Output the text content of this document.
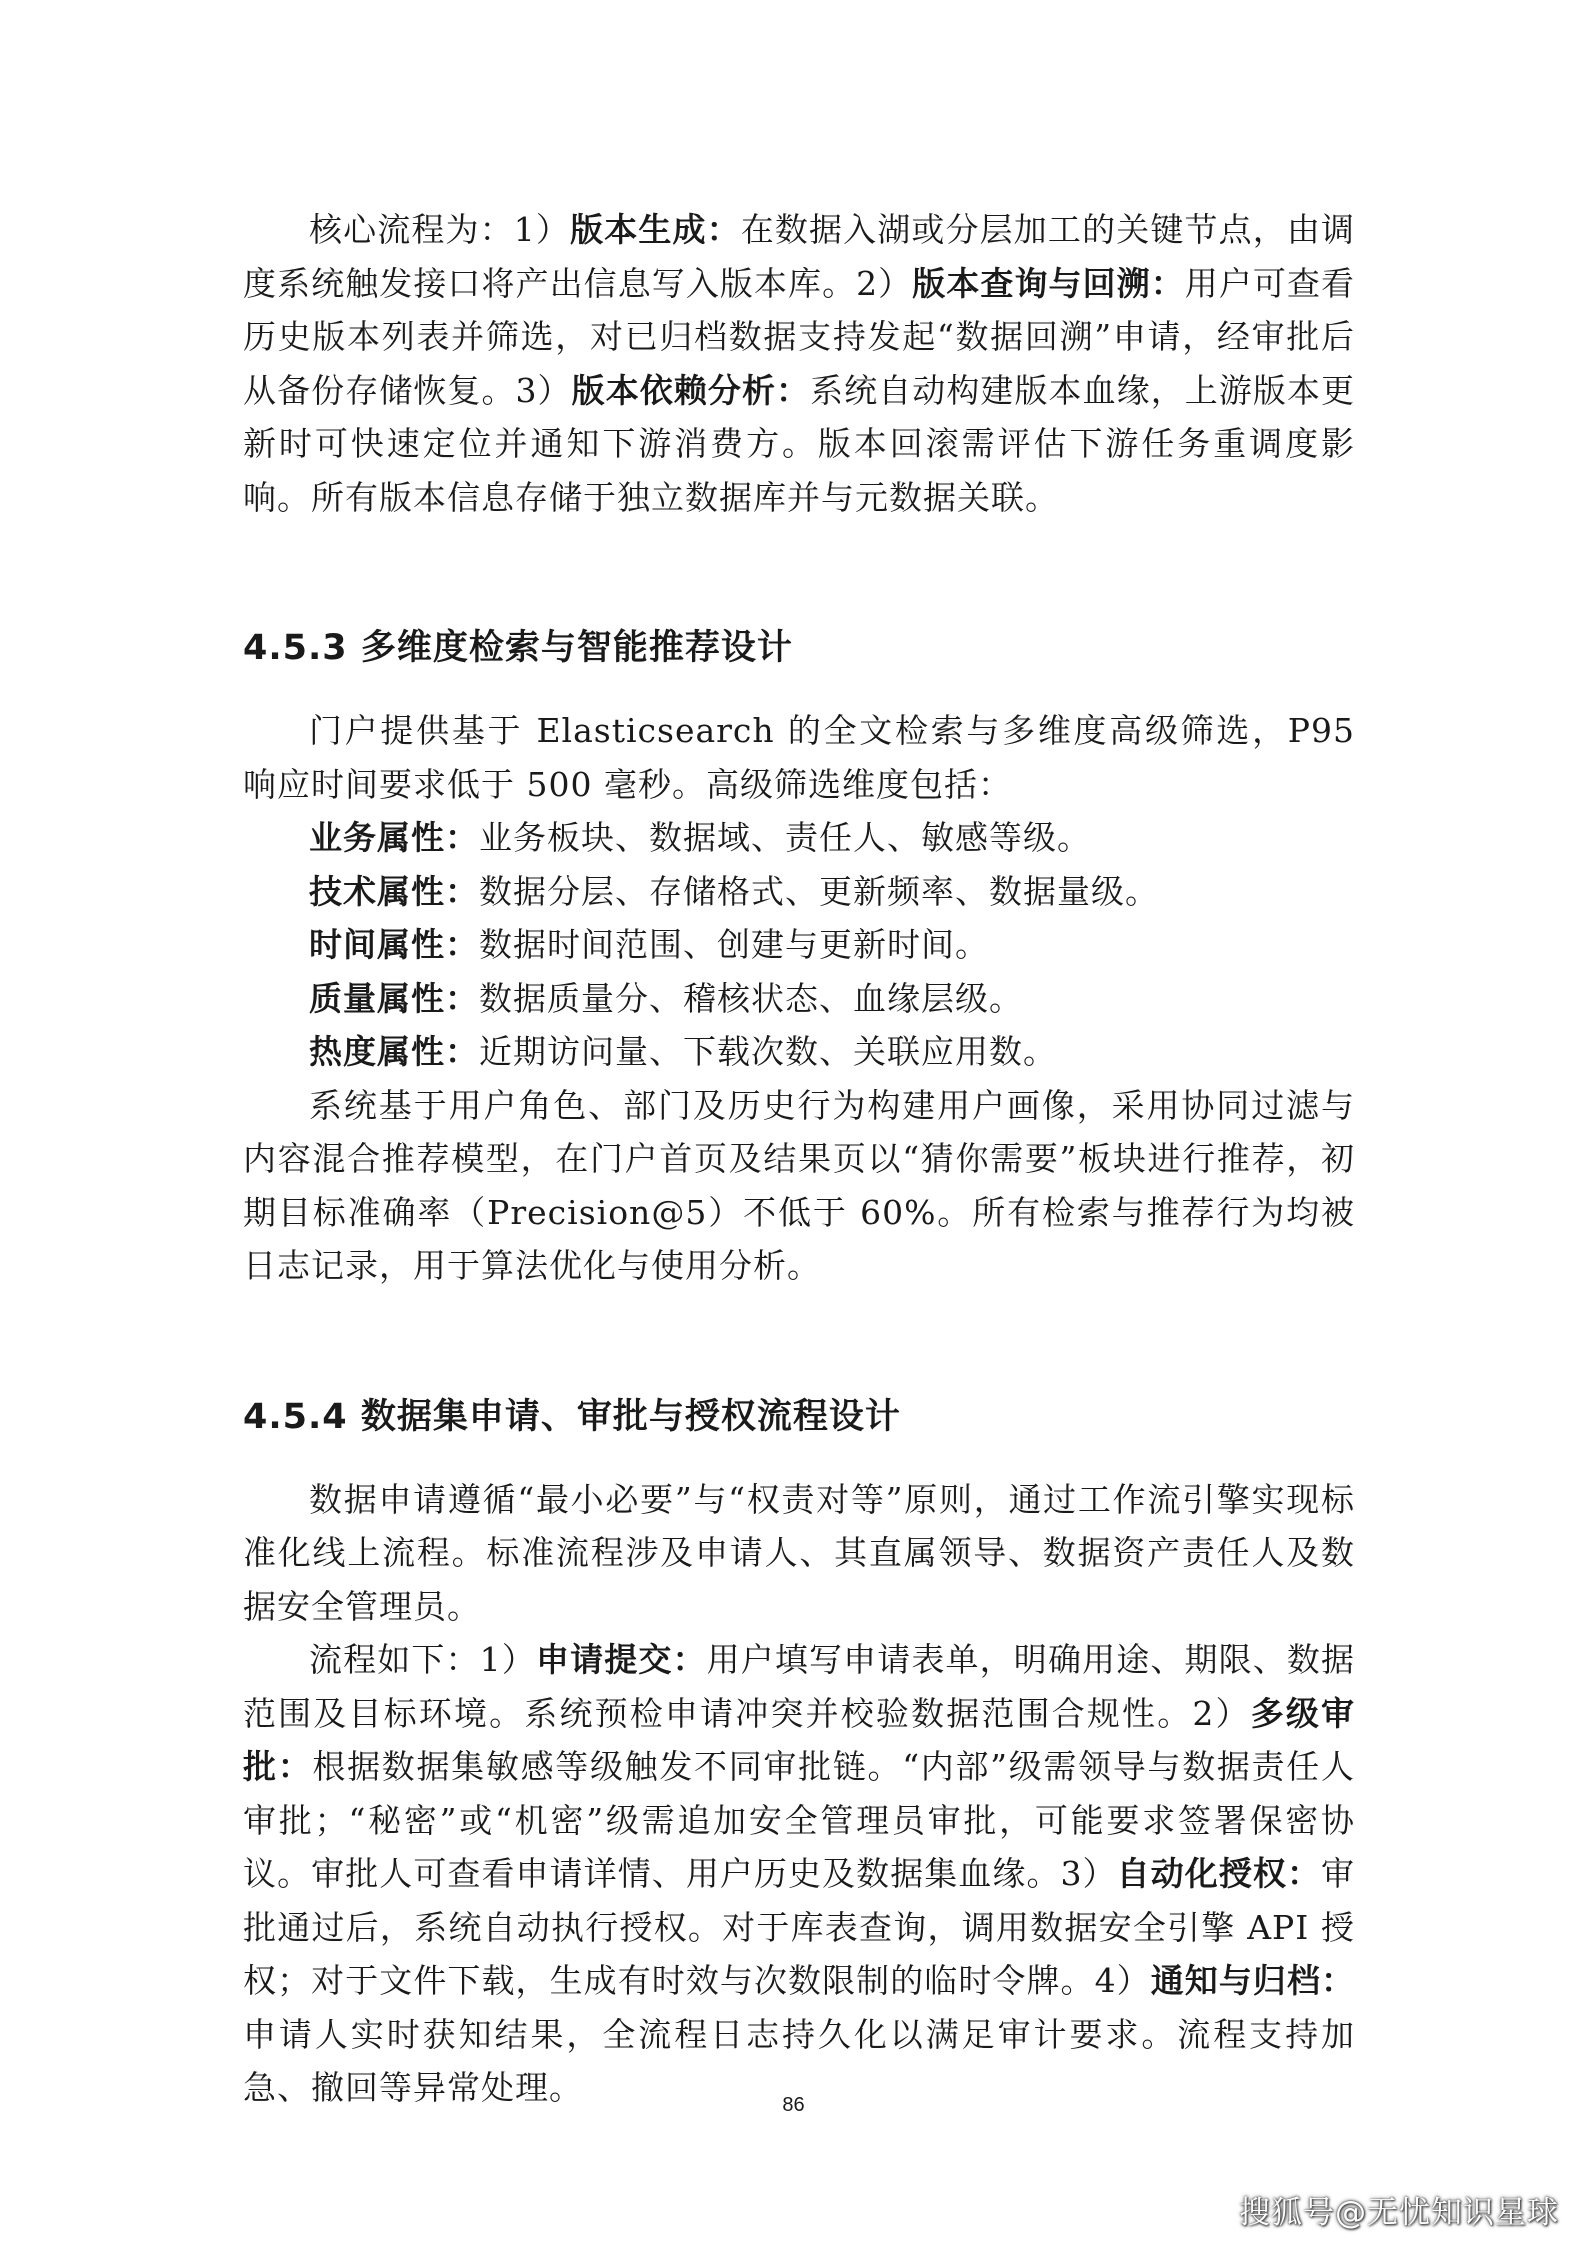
核心流程为：1）版本生成：在数据入湖或分层加工的关键节点，由调度系统触发接口将产出信息写入版本库。2）版本查询与回溯：用户可查看历史版本列表并筛选，对已归档数据支持发起“数据回溯”申请，经审批后从备份存储恢复。3）版本依赖分析：系统自动构建版本血缘，上游版本更新时可快速定位并通知下游消费方。版本回滚需评估下游任务重调度影响。所有版本信息存储于独立数据库并与元数据关联。

4.5.3 多维度检索与智能推荐设计

门户提供基于 Elasticsearch 的全文检索与多维度高级筛选，P95 响应时间要求低于 500 毫秒。高级筛选维度包括：

业务属性：业务板块、数据域、责任人、敏感等级。

技术属性：数据分层、存储格式、更新频率、数据量级。

时间属性：数据时间范围、创建与更新时间。

质量属性：数据质量分、稽核状态、血缘层级。

热度属性：近期访问量、下载次数、关联应用数。

系统基于用户角色、部门及历史行为构建用户画像，采用协同过滤与内容混合推荐模型，在门户首页及结果页以“猜你需要”板块进行推荐，初期目标准确率（Precision@5）不低于 60%。所有检索与推荐行为均被日志记录，用于算法优化与使用分析。

4.5.4 数据集申请、审批与授权流程设计

数据申请遵循“最小必要”与“权责对等”原则，通过工作流引擎实现标准化线上流程。标准流程涉及申请人、其直属领导、数据资产责任人及数据安全管理员。

流程如下：1）申请提交：用户填写申请表单，明确用途、期限、数据范围及目标环境。系统预检申请冲突并校验数据范围合规性。2）多级审批：根据数据集敏感等级触发不同审批链。“内部”级需领导与数据责任人审批；“秘密”或“机密”级需追加安全管理员审批，可能要求签署保密协议。审批人可查看申请详情、用户历史及数据集血缘。3）自动化授权：审批通过后，系统自动执行授权。对于库表查询，调用数据安全引擎 API 授权；对于文件下载，生成有时效与次数限制的临时令牌。4）通知与归档：申请人实时获知结果，全流程日志持久化以满足审计要求。流程支持加急、撤回等异常处理。	86
搜狐号@无忧知识星球
